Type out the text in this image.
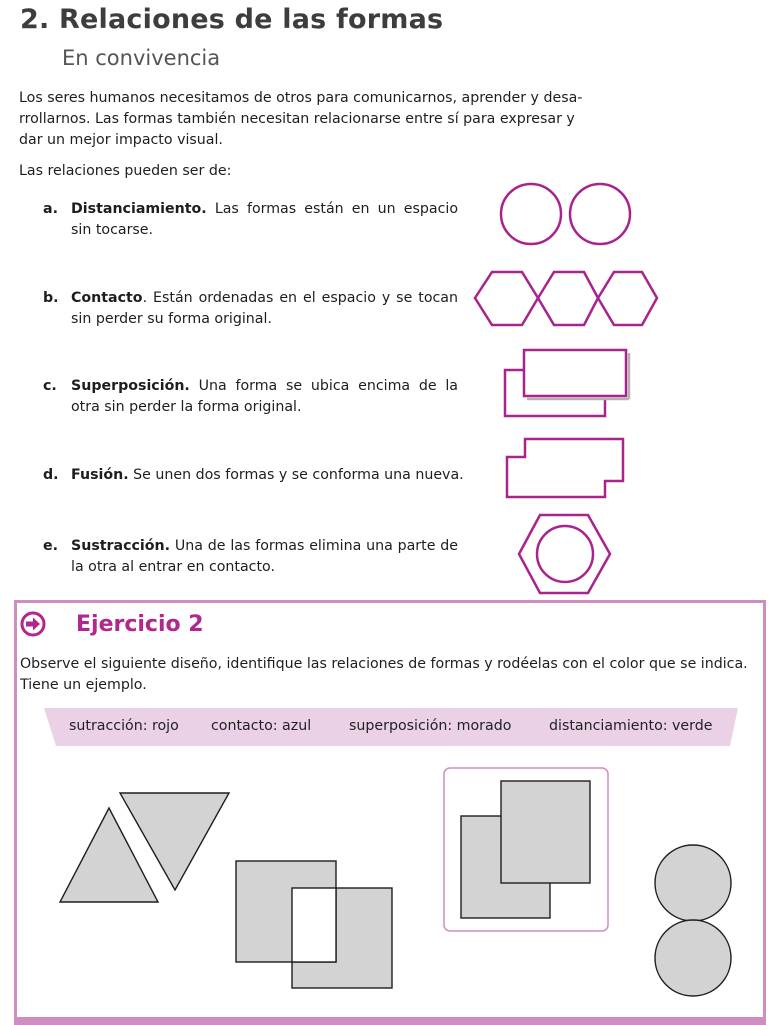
2. Relaciones de las formas
En convivencia

Los seres humanos necesitamos de otros para comunicarnos, aprender y desa-
rrollarnos. Las formas también necesitan relacionarse entre sí para expresar y
dar un mejor impacto visual.

Las relaciones pueden ser de:
a. Distanciamiento. Las formas están en un espacio sin tocarse.
b. Contacto. Están ordenadas en el espacio y se tocan sin perder su forma original.
c. Superposición. Una forma se ubica encima de la otra sin perder la forma original.
d. Fusión. Se unen dos formas y se conforma una nueva.
e. Sustracción. Una de las formas elimina una parte de la otra al entrar en contacto.
Ejercicio 2

Observe el siguiente diseño, identifique las relaciones de formas y rodéelas con el color que se indica. Tiene un ejemplo.

sutracción: rojo contacto: azul	superposición: morado	distanciamiento: verde
